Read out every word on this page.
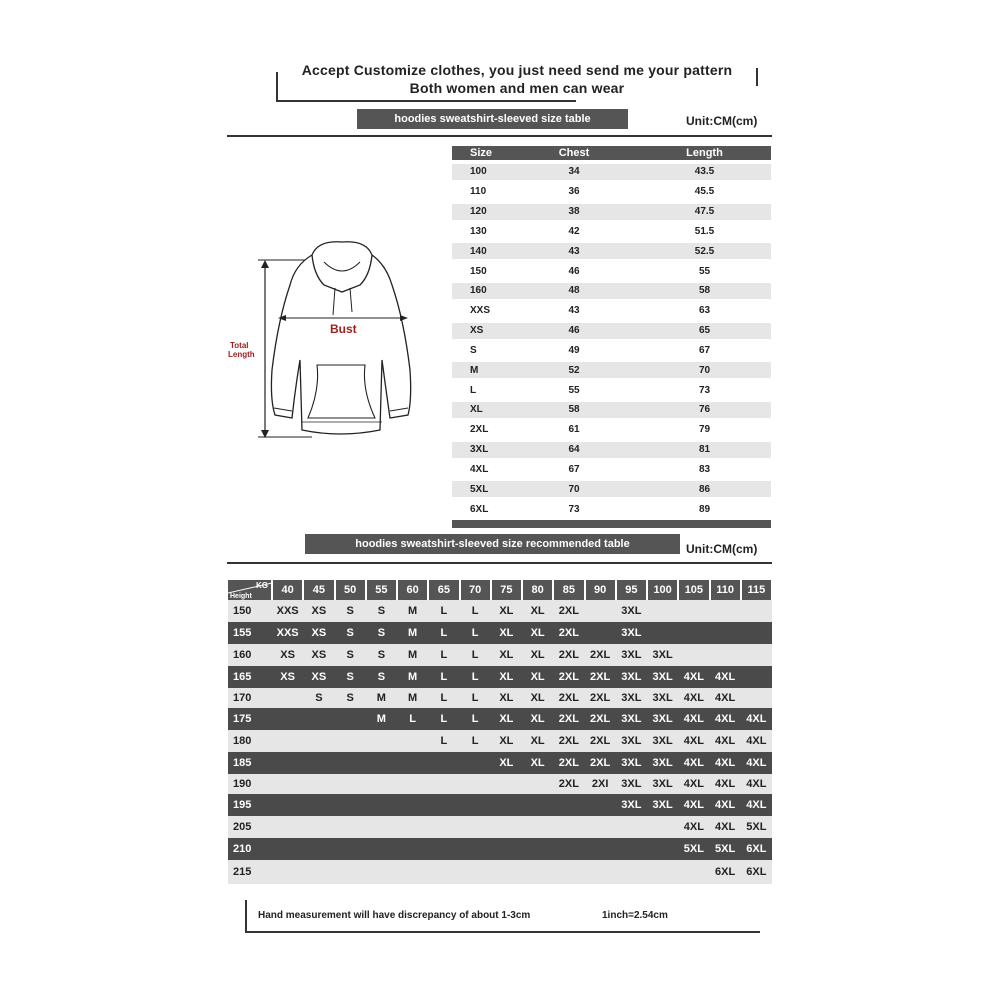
Accept Customize clothes, you just need send me your pattern
Both women and men can wear
hoodies sweatshirt-sleeved size table	Unit:CM(cm)
Bust
Total
Length
Size	Chest	Length
100	34	43.5
110	36	45.5
120	38	47.5
130	42	51.5
140	43	52.5
150	46	55
160	48	58
XXS	43	63
XS	46	65
S	49	67
M	52	70
L	55	73
XL	58	76
2XL	61	79
3XL	64	81
4XL	67	83
5XL	70	86
6XL	73	89
hoodies sweatshirt-sleeved size recommended table	Unit:CM(cm)
KG
Height	40	45	50	55	60	65	70	75	80	85	90	95	100	105	110	115
150	XXS	XS	S	S	M	L	L	XL	XL	2XL		3XL				
155	XXS	XS	S	S	M	L	L	XL	XL	2XL		3XL				
160	XS	XS	S	S	M	L	L	XL	XL	2XL	2XL	3XL	3XL			
165	XS	XS	S	S	M	L	L	XL	XL	2XL	2XL	3XL	3XL	4XL	4XL	
170		S	S	M	M	L	L	XL	XL	2XL	2XL	3XL	3XL	4XL	4XL	
175				M	L	L	L	XL	XL	2XL	2XL	3XL	3XL	4XL	4XL	4XL
180						L	L	XL	XL	2XL	2XL	3XL	3XL	4XL	4XL	4XL
185								XL	XL	2XL	2XL	3XL	3XL	4XL	4XL	4XL
190										2XL	2XI	3XL	3XL	4XL	4XL	4XL
195												3XL	3XL	4XL	4XL	4XL
205														4XL	4XL	5XL
210														5XL	5XL	6XL
215															6XL	6XL
Hand measurement will have discrepancy of about 1-3cm	1inch=2.54cm
